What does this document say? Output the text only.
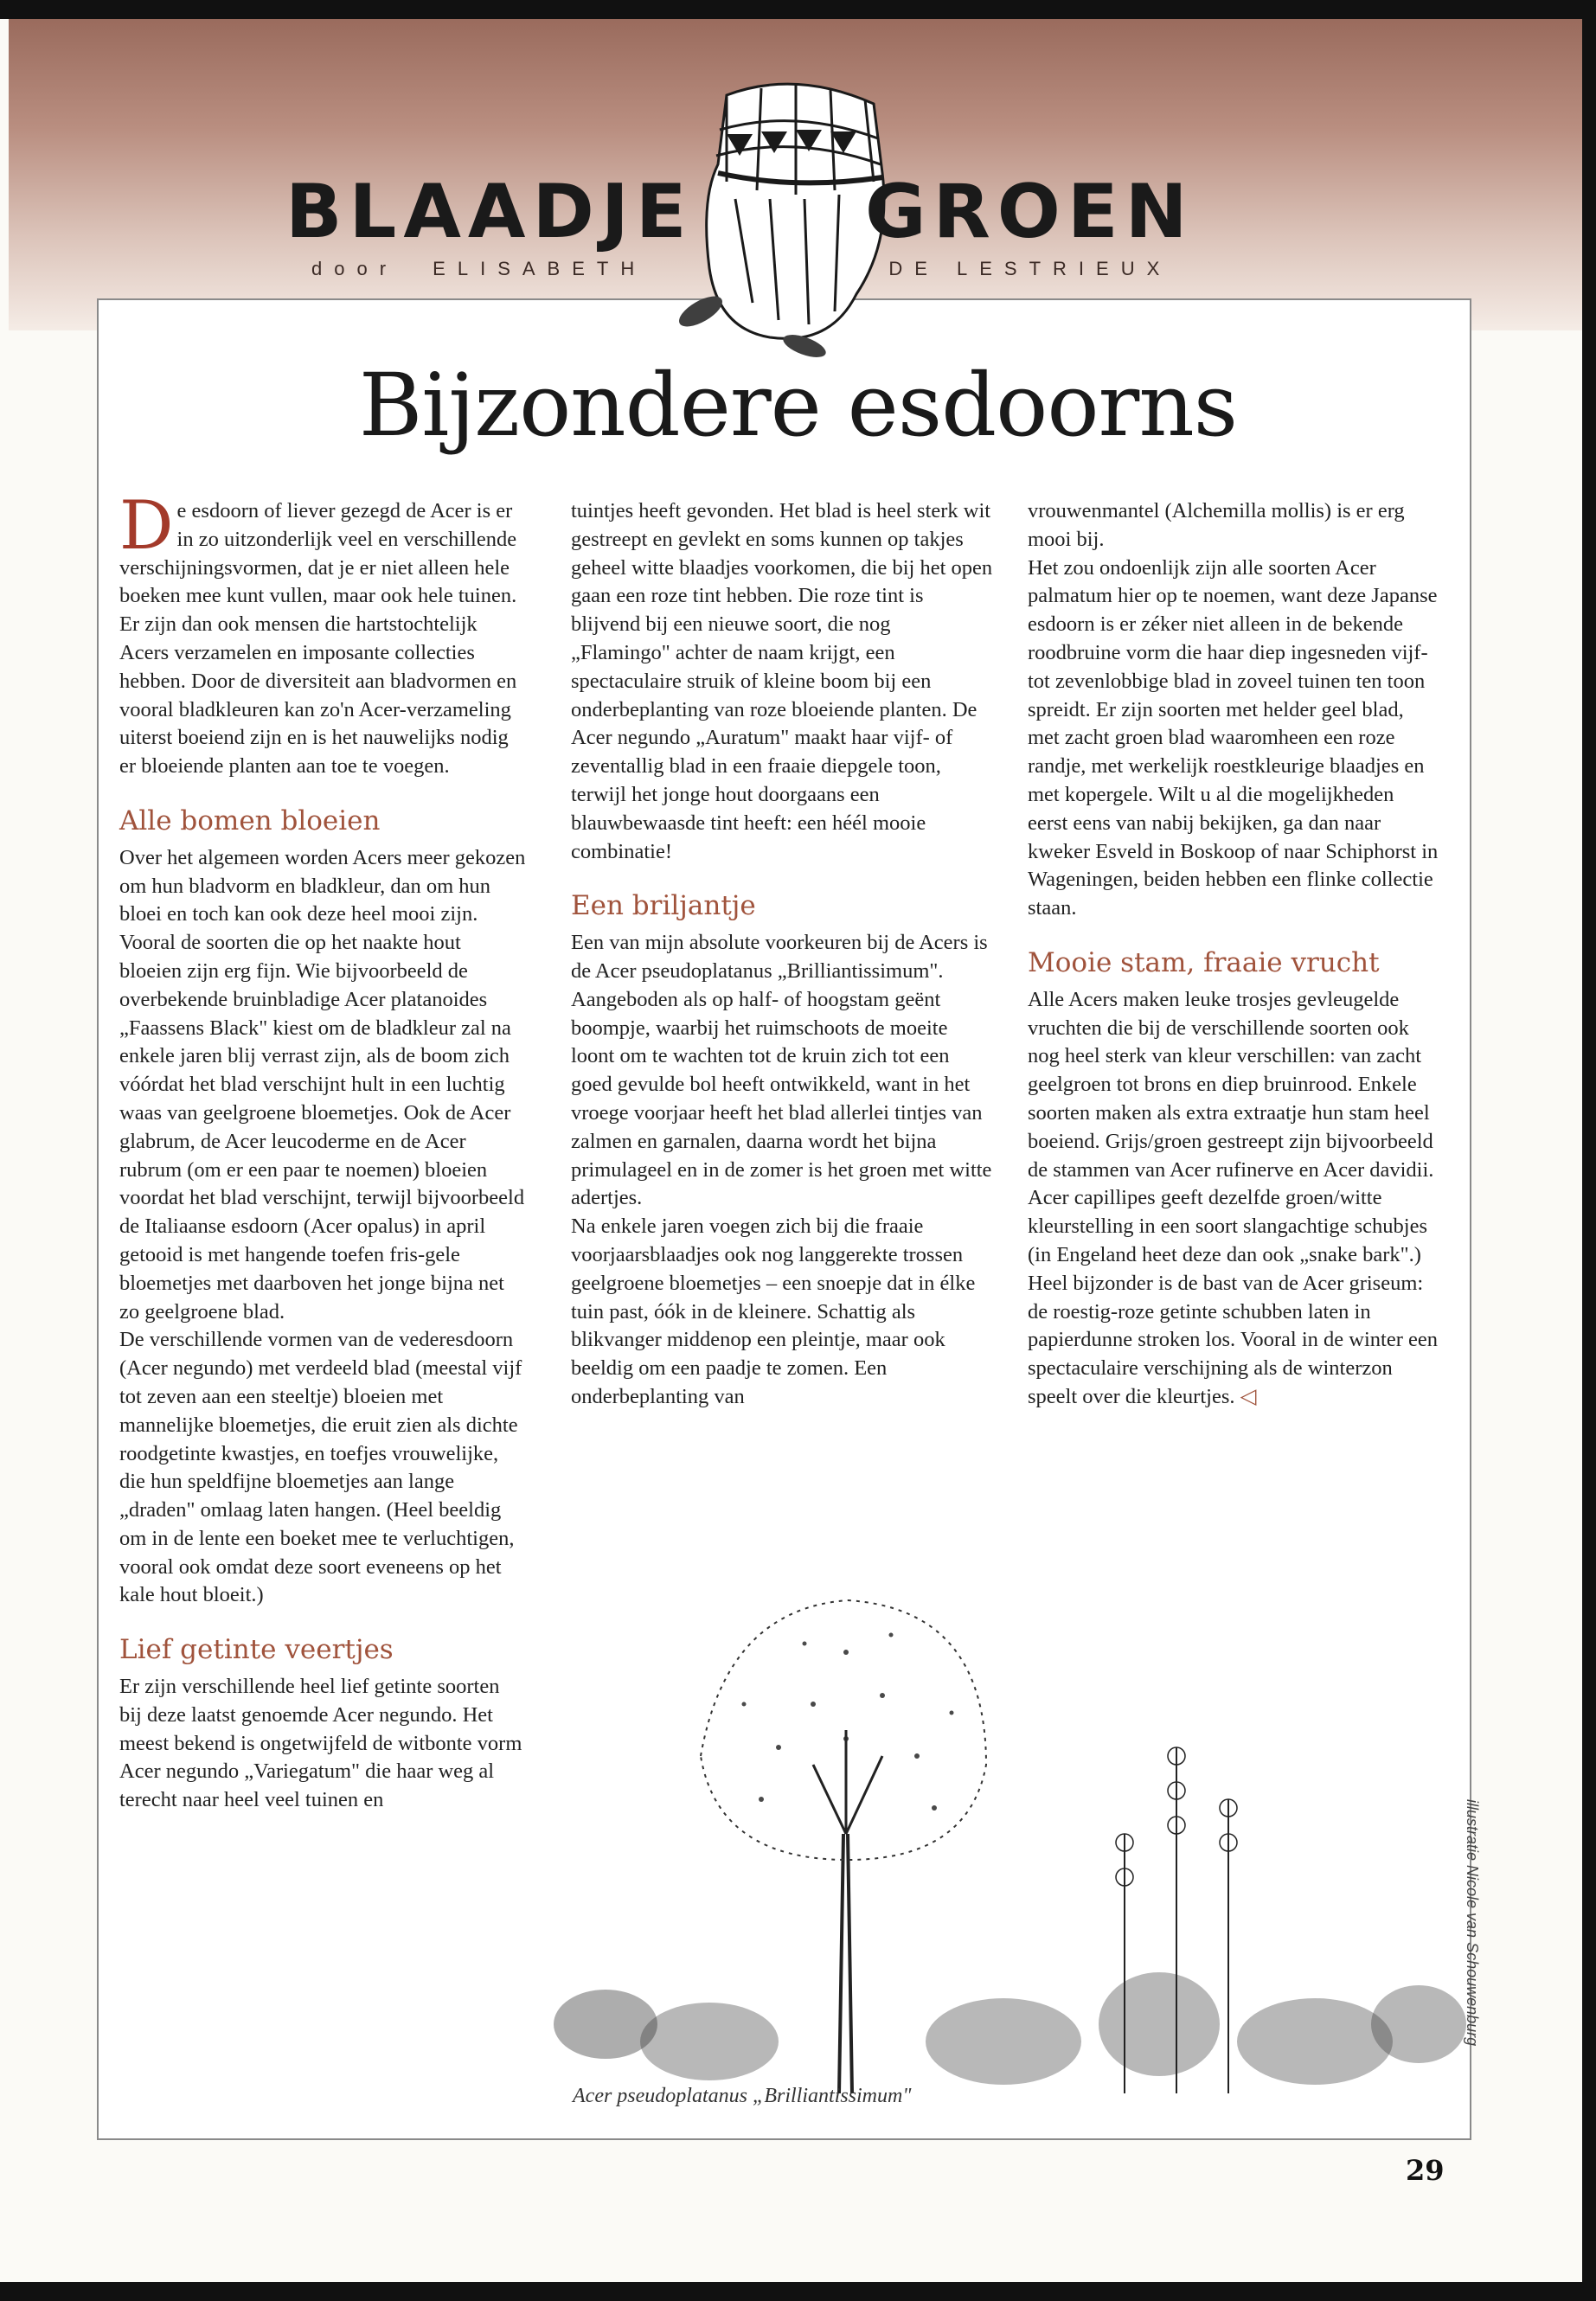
BLAADJE GROEN
door ELISABETH	DE LESTRIEUX
Bijzondere esdoorns

De esdoorn of liever gezegd de Acer is er in zo uitzonderlijk veel en verschillende verschijningsvormen, dat je er niet alleen hele boeken mee kunt vullen, maar ook hele tuinen. Er zijn dan ook mensen die hartstochtelijk Acers verzamelen en imposante collecties hebben. Door de diversiteit aan bladvormen en vooral bladkleuren kan zo'n Acer-verzameling uiterst boeiend zijn en is het nauwelijks nodig er bloeiende planten aan toe te voegen.

Alle bomen bloeien

Over het algemeen worden Acers meer gekozen om hun bladvorm en bladkleur, dan om hun bloei en toch kan ook deze heel mooi zijn. Vooral de soorten die op het naakte hout bloeien zijn erg fijn. Wie bijvoorbeeld de overbekende bruinbladige Acer platanoides „Faassens Black" kiest om de bladkleur zal na enkele jaren blij verrast zijn, als de boom zich vóórdat het blad verschijnt hult in een luchtig waas van geelgroene bloemetjes. Ook de Acer glabrum, de Acer leucoderme en de Acer rubrum (om er een paar te noemen) bloeien voordat het blad verschijnt, terwijl bijvoorbeeld de Italiaanse esdoorn (Acer opalus) in april getooid is met hangende toefen fris-gele bloemetjes met daarboven het jonge bijna net zo geelgroene blad.

De verschillende vormen van de vederesdoorn (Acer negundo) met verdeeld blad (meestal vijf tot zeven aan een steeltje) bloeien met mannelijke bloemetjes, die eruit zien als dichte roodgetinte kwastjes, en toefjes vrouwelijke, die hun speldfijne bloemetjes aan lange „draden" omlaag laten hangen. (Heel beeldig om in de lente een boeket mee te verluchtigen, vooral ook omdat deze soort eveneens op het kale hout bloeit.)

Lief getinte veertjes

Er zijn verschillende heel lief getinte soorten bij deze laatst genoemde Acer negundo. Het meest bekend is ongetwijfeld de witbonte vorm Acer negundo „Variegatum" die haar weg al terecht naar heel veel tuinen en

tuintjes heeft gevonden. Het blad is heel sterk wit gestreept en gevlekt en soms kunnen op takjes geheel witte blaadjes voorkomen, die bij het open gaan een roze tint hebben. Die roze tint is blijvend bij een nieuwe soort, die nog „Flamingo" achter de naam krijgt, een spectaculaire struik of kleine boom bij een onderbeplanting van roze bloeiende planten. De Acer negundo „Auratum" maakt haar vijf- of zeventallig blad in een fraaie diepgele toon, terwijl het jonge hout doorgaans een blauwbewaasde tint heeft: een héél mooie combinatie!

Een briljantje

Een van mijn absolute voorkeuren bij de Acers is de Acer pseudoplatanus „Brilliantissimum". Aangeboden als op half- of hoogstam geënt boompje, waarbij het ruimschoots de moeite loont om te wachten tot de kruin zich tot een goed gevulde bol heeft ontwikkeld, want in het vroege voorjaar heeft het blad allerlei tintjes van zalmen en garnalen, daarna wordt het bijna primulageel en in de zomer is het groen met witte adertjes.

Na enkele jaren voegen zich bij die fraaie voorjaarsblaadjes ook nog langgerekte trossen geelgroene bloemetjes – een snoepje dat in élke tuin past, óók in de kleinere. Schattig als blikvanger middenop een pleintje, maar ook beeldig om een paadje te zomen. Een onderbeplanting van

vrouwenmantel (Alchemilla mollis) is er erg mooi bij.

Het zou ondoenlijk zijn alle soorten Acer palmatum hier op te noemen, want deze Japanse esdoorn is er zéker niet alleen in de bekende roodbruine vorm die haar diep ingesneden vijf- tot zevenlobbige blad in zoveel tuinen ten toon spreidt. Er zijn soorten met helder geel blad, met zacht groen blad waaromheen een roze randje, met werkelijk roestkleurige blaadjes en met kopergele. Wilt u al die mogelijkheden eerst eens van nabij bekijken, ga dan naar kweker Esveld in Boskoop of naar Schiphorst in Wageningen, beiden hebben een flinke collectie staan.

Mooie stam, fraaie vrucht

Alle Acers maken leuke trosjes gevleugelde vruchten die bij de verschillende soorten ook nog heel sterk van kleur verschillen: van zacht geelgroen tot brons en diep bruinrood. Enkele soorten maken als extra extraatje hun stam heel boeiend. Grijs/groen gestreept zijn bijvoorbeeld de stammen van Acer rufinerve en Acer davidii. Acer capillipes geeft dezelfde groen/witte kleurstelling in een soort slangachtige schubjes (in Engeland heet deze dan ook „snake bark".)

Heel bijzonder is de bast van de Acer griseum: de roestig-roze getinte schubben laten in papierdunne stroken los. Vooral in de winter een spectaculaire verschijning als de winterzon speelt over die kleurtjes. ◁

Acer pseudoplatanus „Brilliantissimum"
illustratie Nicole van Schouwenburg
29
